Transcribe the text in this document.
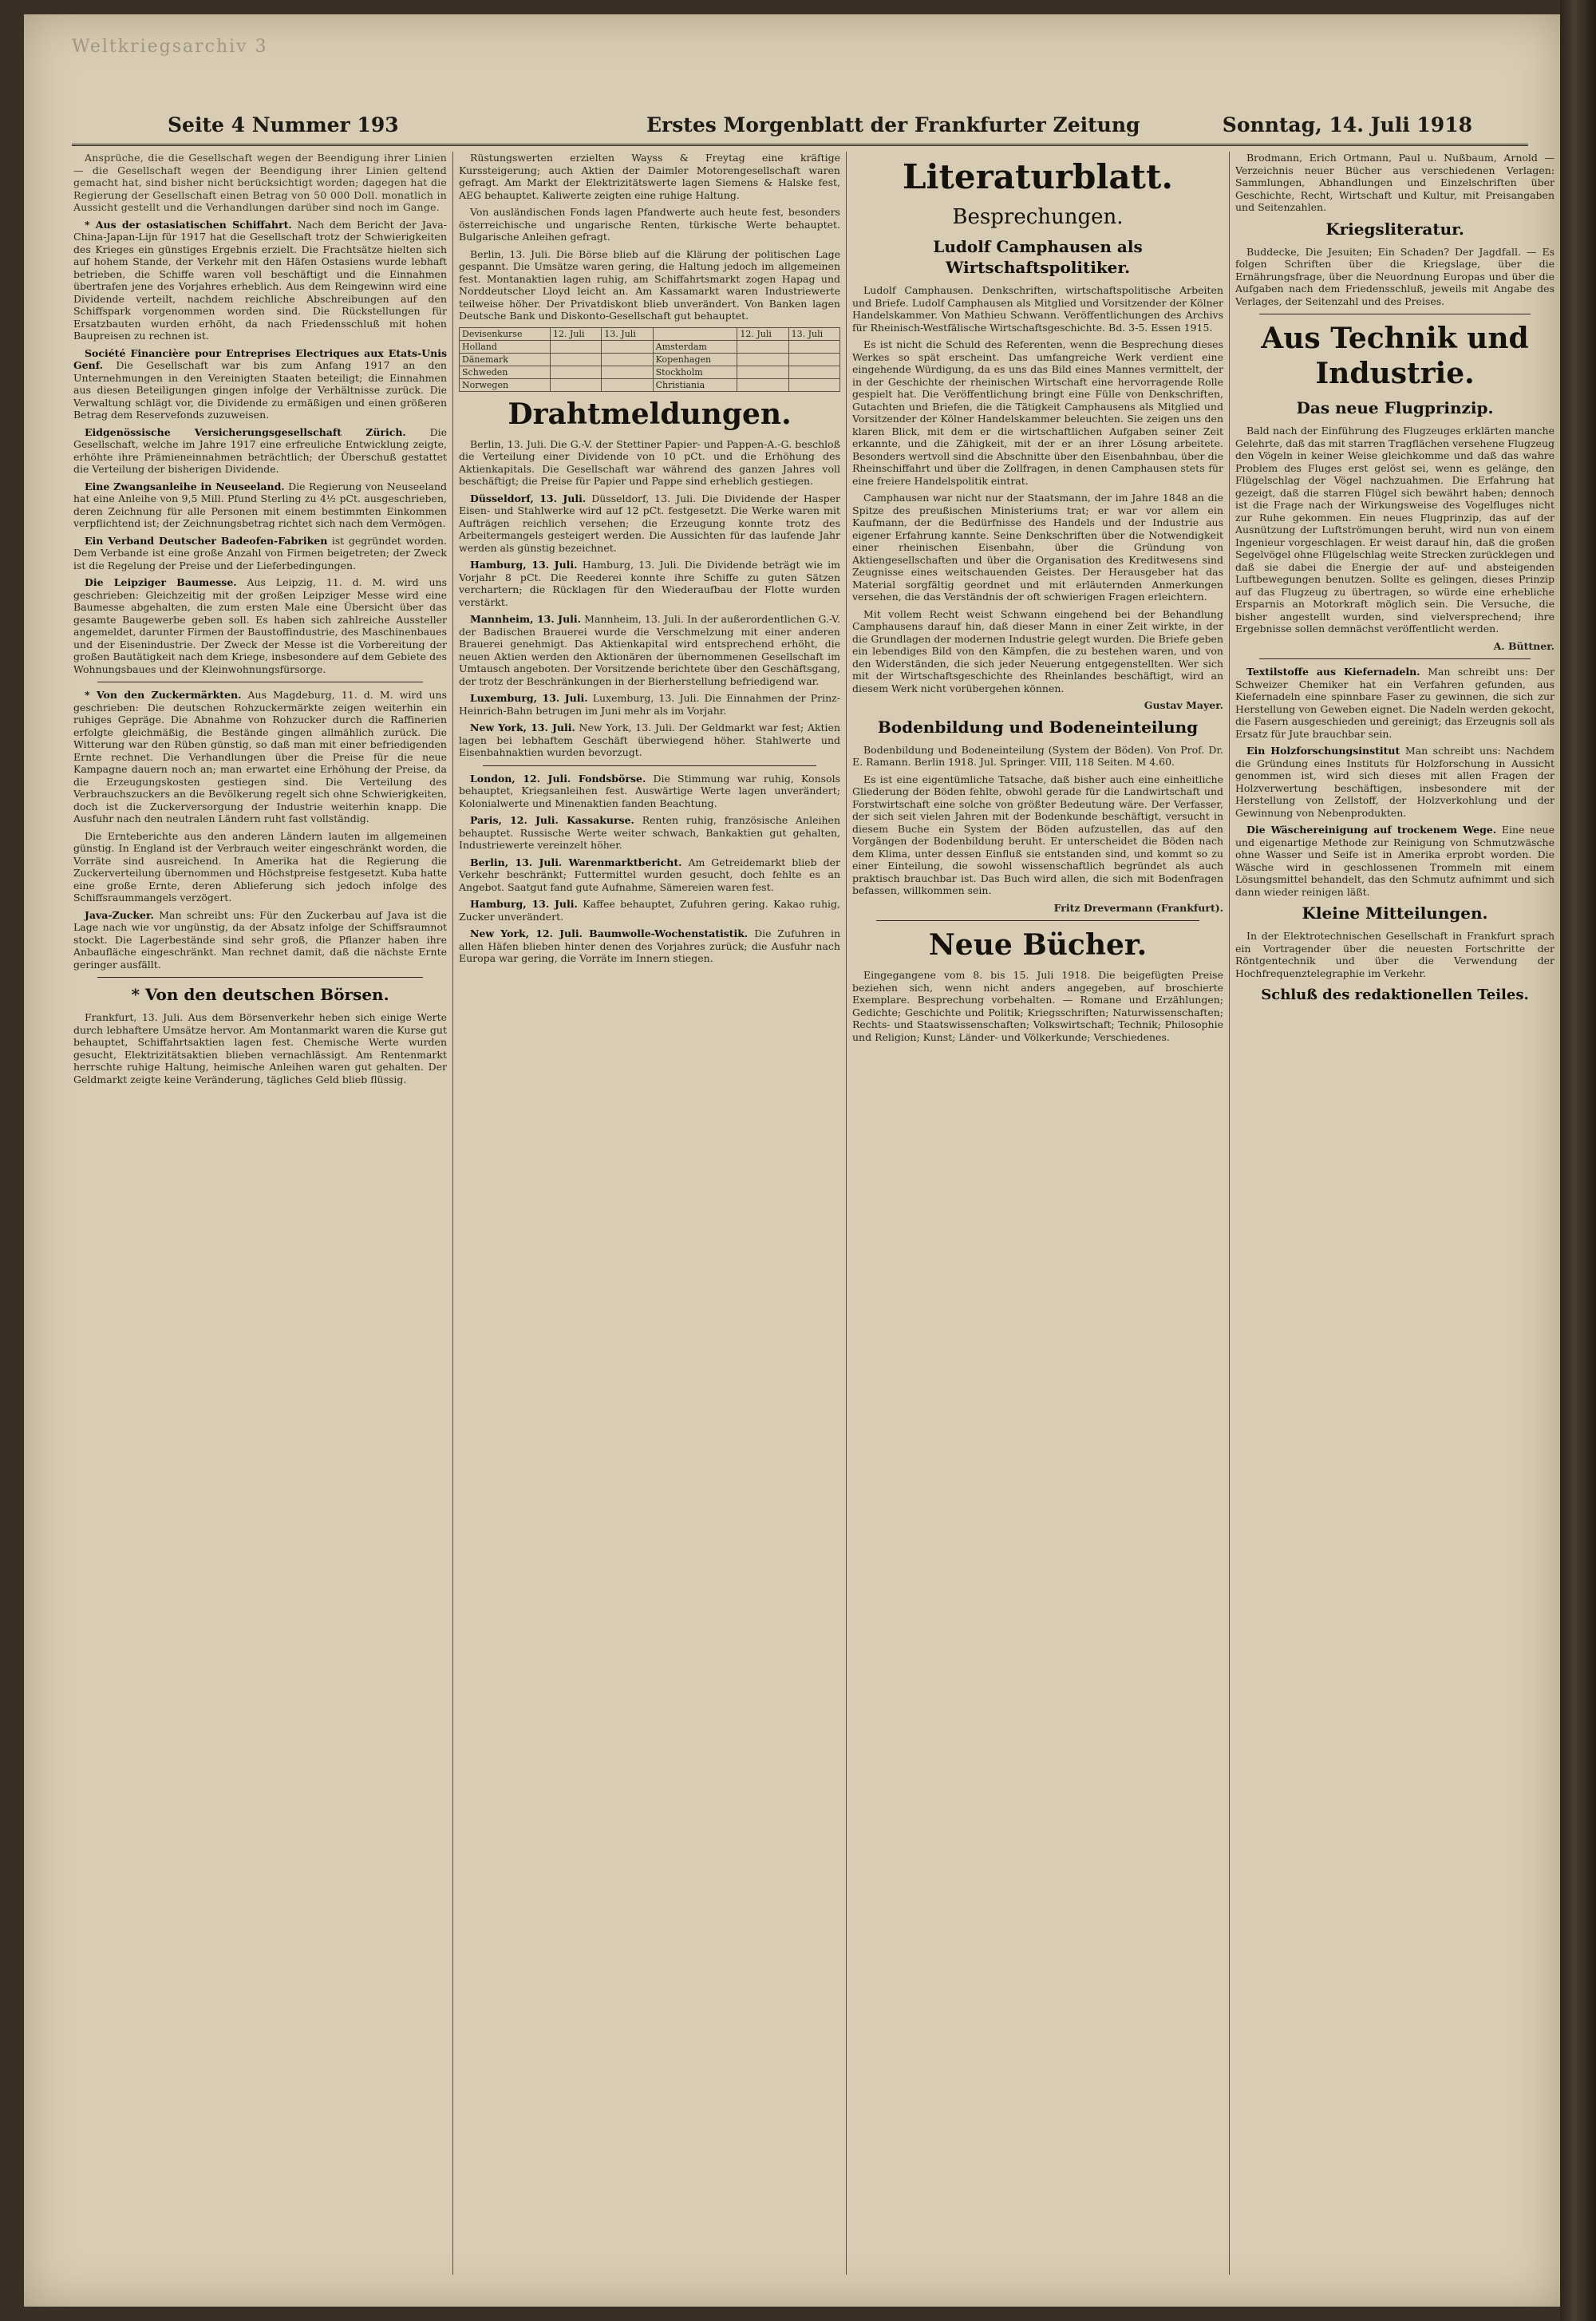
Weltkriegsarchiv 3
Seite 4 Nummer 193	Erstes Morgenblatt der Frankfurter Zeitung	Sonntag, 14. Juli 1918

Ansprüche, die die Gesellschaft wegen der Beendigung ihrer Linien — die Gesellschaft wegen der Beendigung ihrer Linien geltend gemacht hat, sind bisher nicht berücksichtigt worden; dagegen hat die Regierung der Gesellschaft einen Betrag von 50 000 Doll. monatlich in Aussicht gestellt und die Verhandlungen darüber sind noch im Gange.

* Aus der ostasiatischen Schiffahrt. Nach dem Bericht der Java-China-Japan-Lijn für 1917 hat die Gesellschaft trotz der Schwierigkeiten des Krieges ein günstiges Ergebnis erzielt. Die Frachtsätze hielten sich auf hohem Stande, der Verkehr mit den Häfen Ostasiens wurde lebhaft betrieben, die Schiffe waren voll beschäftigt und die Einnahmen übertrafen jene des Vorjahres erheblich. Aus dem Reingewinn wird eine Dividende verteilt, nachdem reichliche Abschreibungen auf den Schiffspark vorgenommen worden sind. Die Rückstellungen für Ersatzbauten wurden erhöht, da nach Friedensschluß mit hohen Baupreisen zu rechnen ist.

Société Financière pour Entreprises Electriques aux Etats-Unis Genf. Die Gesellschaft war bis zum Anfang 1917 an den Unternehmungen in den Vereinigten Staaten beteiligt; die Einnahmen aus diesen Beteiligungen gingen infolge der Verhältnisse zurück. Die Verwaltung schlägt vor, die Dividende zu ermäßigen und einen größeren Betrag dem Reservefonds zuzuweisen.

Eidgenössische Versicherungsgesellschaft Zürich. Die Gesellschaft, welche im Jahre 1917 eine erfreuliche Entwicklung zeigte, erhöhte ihre Prämieneinnahmen beträchtlich; der Überschuß gestattet die Verteilung der bisherigen Dividende.

Eine Zwangsanleihe in Neuseeland. Die Regierung von Neuseeland hat eine Anleihe von 9,5 Mill. Pfund Sterling zu 4½ pCt. ausgeschrieben, deren Zeichnung für alle Personen mit einem bestimmten Einkommen verpflichtend ist; der Zeichnungsbetrag richtet sich nach dem Vermögen.

Ein Verband Deutscher Badeofen-Fabriken ist gegründet worden. Dem Verbande ist eine große Anzahl von Firmen beigetreten; der Zweck ist die Regelung der Preise und der Lieferbedingungen.

Die Leipziger Baumesse. Aus Leipzig, 11. d. M. wird uns geschrieben: Gleichzeitig mit der großen Leipziger Messe wird eine Baumesse abgehalten, die zum ersten Male eine Übersicht über das gesamte Baugewerbe geben soll. Es haben sich zahlreiche Aussteller angemeldet, darunter Firmen der Baustoffindustrie, des Maschinenbaues und der Eisenindustrie. Der Zweck der Messe ist die Vorbereitung der großen Bautätigkeit nach dem Kriege, insbesondere auf dem Gebiete des Wohnungsbaues und der Kleinwohnungsfürsorge.

* Von den Zuckermärkten. Aus Magdeburg, 11. d. M. wird uns geschrieben: Die deutschen Rohzuckermärkte zeigen weiterhin ein ruhiges Gepräge. Die Abnahme von Rohzucker durch die Raffinerien erfolgte gleichmäßig, die Bestände gingen allmählich zurück. Die Witterung war den Rüben günstig, so daß man mit einer befriedigenden Ernte rechnet. Die Verhandlungen über die Preise für die neue Kampagne dauern noch an; man erwartet eine Erhöhung der Preise, da die Erzeugungskosten gestiegen sind. Die Verteilung des Verbrauchszuckers an die Bevölkerung regelt sich ohne Schwierigkeiten, doch ist die Zuckerversorgung der Industrie weiterhin knapp. Die Ausfuhr nach den neutralen Ländern ruht fast vollständig.

Die Ernteberichte aus den anderen Ländern lauten im allgemeinen günstig. In England ist der Verbrauch weiter eingeschränkt worden, die Vorräte sind ausreichend. In Amerika hat die Regierung die Zuckerverteilung übernommen und Höchstpreise festgesetzt. Kuba hatte eine große Ernte, deren Ablieferung sich jedoch infolge des Schiffsraummangels verzögert.

Java-Zucker. Man schreibt uns: Für den Zuckerbau auf Java ist die Lage nach wie vor ungünstig, da der Absatz infolge der Schiffsraumnot stockt. Die Lagerbestände sind sehr groß, die Pflanzer haben ihre Anbaufläche eingeschränkt. Man rechnet damit, daß die nächste Ernte geringer ausfällt.

* Von den deutschen Börsen.

Frankfurt, 13. Juli. Aus dem Börsenverkehr heben sich einige Werte durch lebhaftere Umsätze hervor. Am Montanmarkt waren die Kurse gut behauptet, Schiffahrtsaktien lagen fest. Chemische Werte wurden gesucht, Elektrizitätsaktien blieben vernachlässigt. Am Rentenmarkt herrschte ruhige Haltung, heimische Anleihen waren gut gehalten. Der Geldmarkt zeigte keine Veränderung, tägliches Geld blieb flüssig.

Rüstungswerten erzielten Wayss & Freytag eine kräftige Kurssteigerung; auch Aktien der Daimler Motorengesellschaft waren gefragt. Am Markt der Elektrizitätswerte lagen Siemens & Halske fest, AEG behauptet. Kaliwerte zeigten eine ruhige Haltung.

Von ausländischen Fonds lagen Pfandwerte auch heute fest, besonders österreichische und ungarische Renten, türkische Werte behauptet. Bulgarische Anleihen gefragt.

Berlin, 13. Juli. Die Börse blieb auf die Klärung der politischen Lage gespannt. Die Umsätze waren gering, die Haltung jedoch im allgemeinen fest. Montanaktien lagen ruhig, am Schiffahrtsmarkt zogen Hapag und Norddeutscher Lloyd leicht an. Am Kassamarkt waren Industriewerte teilweise höher. Der Privatdiskont blieb unverändert. Von Banken lagen Deutsche Bank und Diskonto-Gesellschaft gut behauptet.

Devisenkurse	12. Juli	13. Juli		12. Juli	13. Juli
Holland			Amsterdam		
Dänemark			Kopenhagen		
Schweden			Stockholm		
Norwegen			Christiania		
Drahtmeldungen.

Berlin, 13. Juli. Die G.-V. der Stettiner Papier- und Pappen-A.-G. beschloß die Verteilung einer Dividende von 10 pCt. und die Erhöhung des Aktienkapitals. Die Gesellschaft war während des ganzen Jahres voll beschäftigt; die Preise für Papier und Pappe sind erheblich gestiegen.

Düsseldorf, 13. Juli. Düsseldorf, 13. Juli. Die Dividende der Hasper Eisen- und Stahlwerke wird auf 12 pCt. festgesetzt. Die Werke waren mit Aufträgen reichlich versehen; die Erzeugung konnte trotz des Arbeitermangels gesteigert werden. Die Aussichten für das laufende Jahr werden als günstig bezeichnet.

Hamburg, 13. Juli. Hamburg, 13. Juli. Die Dividende beträgt wie im Vorjahr 8 pCt. Die Reederei konnte ihre Schiffe zu guten Sätzen verchartern; die Rücklagen für den Wiederaufbau der Flotte wurden verstärkt.

Mannheim, 13. Juli. Mannheim, 13. Juli. In der außerordentlichen G.-V. der Badischen Brauerei wurde die Verschmelzung mit einer anderen Brauerei genehmigt. Das Aktienkapital wird entsprechend erhöht, die neuen Aktien werden den Aktionären der übernommenen Gesellschaft im Umtausch angeboten. Der Vorsitzende berichtete über den Geschäftsgang, der trotz der Beschränkungen in der Bierherstellung befriedigend war.

Luxemburg, 13. Juli. Luxemburg, 13. Juli. Die Einnahmen der Prinz-Heinrich-Bahn betrugen im Juni mehr als im Vorjahr.

New York, 13. Juli. New York, 13. Juli. Der Geldmarkt war fest; Aktien lagen bei lebhaftem Geschäft überwiegend höher. Stahlwerte und Eisenbahnaktien wurden bevorzugt.

London, 12. Juli. Fondsbörse. Die Stimmung war ruhig, Konsols behauptet, Kriegsanleihen fest. Auswärtige Werte lagen unverändert; Kolonialwerte und Minenaktien fanden Beachtung.

Paris, 12. Juli. Kassakurse. Renten ruhig, französische Anleihen behauptet. Russische Werte weiter schwach, Bankaktien gut gehalten, Industriewerte vereinzelt höher.

Berlin, 13. Juli. Warenmarktbericht. Am Getreidemarkt blieb der Verkehr beschränkt; Futtermittel wurden gesucht, doch fehlte es an Angebot. Saatgut fand gute Aufnahme, Sämereien waren fest.

Hamburg, 13. Juli. Kaffee behauptet, Zufuhren gering. Kakao ruhig, Zucker unverändert.

New York, 12. Juli. Baumwolle-Wochenstatistik. Die Zufuhren in allen Häfen blieben hinter denen des Vorjahres zurück; die Ausfuhr nach Europa war gering, die Vorräte im Innern stiegen.

Literaturblatt.
Besprechungen.
Ludolf Camphausen als Wirtschaftspolitiker.

Ludolf Camphausen. Denkschriften, wirtschaftspolitische Arbeiten und Briefe. Ludolf Camphausen als Mitglied und Vorsitzender der Kölner Handelskammer. Von Mathieu Schwann. Veröffentlichungen des Archivs für Rheinisch-Westfälische Wirtschaftsgeschichte. Bd. 3-5. Essen 1915.

Es ist nicht die Schuld des Referenten, wenn die Besprechung dieses Werkes so spät erscheint. Das umfangreiche Werk verdient eine eingehende Würdigung, da es uns das Bild eines Mannes vermittelt, der in der Geschichte der rheinischen Wirtschaft eine hervorragende Rolle gespielt hat. Die Veröffentlichung bringt eine Fülle von Denkschriften, Gutachten und Briefen, die die Tätigkeit Camphausens als Mitglied und Vorsitzender der Kölner Handelskammer beleuchten. Sie zeigen uns den klaren Blick, mit dem er die wirtschaftlichen Aufgaben seiner Zeit erkannte, und die Zähigkeit, mit der er an ihrer Lösung arbeitete. Besonders wertvoll sind die Abschnitte über den Eisenbahnbau, über die Rheinschiffahrt und über die Zollfragen, in denen Camphausen stets für eine freiere Handelspolitik eintrat.

Camphausen war nicht nur der Staatsmann, der im Jahre 1848 an die Spitze des preußischen Ministeriums trat; er war vor allem ein Kaufmann, der die Bedürfnisse des Handels und der Industrie aus eigener Erfahrung kannte. Seine Denkschriften über die Notwendigkeit einer rheinischen Eisenbahn, über die Gründung von Aktiengesellschaften und über die Organisation des Kreditwesens sind Zeugnisse eines weitschauenden Geistes. Der Herausgeber hat das Material sorgfältig geordnet und mit erläuternden Anmerkungen versehen, die das Verständnis der oft schwierigen Fragen erleichtern.

Mit vollem Recht weist Schwann eingehend bei der Behandlung Camphausens darauf hin, daß dieser Mann in einer Zeit wirkte, in der die Grundlagen der modernen Industrie gelegt wurden. Die Briefe geben ein lebendiges Bild von den Kämpfen, die zu bestehen waren, und von den Widerständen, die sich jeder Neuerung entgegenstellten. Wer sich mit der Wirtschaftsgeschichte des Rheinlandes beschäftigt, wird an diesem Werk nicht vorübergehen können.

Gustav Mayer.

Bodenbildung und Bodeneinteilung

Bodenbildung und Bodeneinteilung (System der Böden). Von Prof. Dr. E. Ramann. Berlin 1918. Jul. Springer. VIII, 118 Seiten. M 4.60.

Es ist eine eigentümliche Tatsache, daß bisher auch eine einheitliche Gliederung der Böden fehlte, obwohl gerade für die Landwirtschaft und Forstwirtschaft eine solche von größter Bedeutung wäre. Der Verfasser, der sich seit vielen Jahren mit der Bodenkunde beschäftigt, versucht in diesem Buche ein System der Böden aufzustellen, das auf den Vorgängen der Bodenbildung beruht. Er unterscheidet die Böden nach dem Klima, unter dessen Einfluß sie entstanden sind, und kommt so zu einer Einteilung, die sowohl wissenschaftlich begründet als auch praktisch brauchbar ist. Das Buch wird allen, die sich mit Bodenfragen befassen, willkommen sein.

Fritz Drevermann (Frankfurt).

Neue Bücher.

Eingegangene vom 8. bis 15. Juli 1918. Die beigefügten Preise beziehen sich, wenn nicht anders angegeben, auf broschierte Exemplare. Besprechung vorbehalten. — Romane und Erzählungen; Gedichte; Geschichte und Politik; Kriegsschriften; Naturwissenschaften; Rechts- und Staatswissenschaften; Volkswirtschaft; Technik; Philosophie und Religion; Kunst; Länder- und Völkerkunde; Verschiedenes.

Brodmann, Erich Ortmann, Paul u. Nußbaum, Arnold — Verzeichnis neuer Bücher aus verschiedenen Verlagen: Sammlungen, Abhandlungen und Einzelschriften über Geschichte, Recht, Wirtschaft und Kultur, mit Preisangaben und Seitenzahlen.

Kriegsliteratur.

Buddecke, Die Jesuiten; Ein Schaden? Der Jagdfall. — Es folgen Schriften über die Kriegslage, über die Ernährungsfrage, über die Neuordnung Europas und über die Aufgaben nach dem Friedensschluß, jeweils mit Angabe des Verlages, der Seitenzahl und des Preises.

Aus Technik und Industrie.
Das neue Flugprinzip.

Bald nach der Einführung des Flugzeuges erklärten manche Gelehrte, daß das mit starren Tragflächen versehene Flugzeug den Vögeln in keiner Weise gleichkomme und daß das wahre Problem des Fluges erst gelöst sei, wenn es gelänge, den Flügelschlag der Vögel nachzuahmen. Die Erfahrung hat gezeigt, daß die starren Flügel sich bewährt haben; dennoch ist die Frage nach der Wirkungsweise des Vogelfluges nicht zur Ruhe gekommen. Ein neues Flugprinzip, das auf der Ausnützung der Luftströmungen beruht, wird nun von einem Ingenieur vorgeschlagen. Er weist darauf hin, daß die großen Segelvögel ohne Flügelschlag weite Strecken zurücklegen und daß sie dabei die Energie der auf- und absteigenden Luftbewegungen benutzen. Sollte es gelingen, dieses Prinzip auf das Flugzeug zu übertragen, so würde eine erhebliche Ersparnis an Motorkraft möglich sein. Die Versuche, die bisher angestellt wurden, sind vielversprechend; ihre Ergebnisse sollen demnächst veröffentlicht werden.

A. Büttner.

Textilstoffe aus Kiefernadeln. Man schreibt uns: Der Schweizer Chemiker hat ein Verfahren gefunden, aus Kiefernadeln eine spinnbare Faser zu gewinnen, die sich zur Herstellung von Geweben eignet. Die Nadeln werden gekocht, die Fasern ausgeschieden und gereinigt; das Erzeugnis soll als Ersatz für Jute brauchbar sein.

Ein Holzforschungsinstitut Man schreibt uns: Nachdem die Gründung eines Instituts für Holzforschung in Aussicht genommen ist, wird sich dieses mit allen Fragen der Holzverwertung beschäftigen, insbesondere mit der Herstellung von Zellstoff, der Holzverkohlung und der Gewinnung von Nebenprodukten.

Die Wäschereinigung auf trockenem Wege. Eine neue und eigenartige Methode zur Reinigung von Schmutzwäsche ohne Wasser und Seife ist in Amerika erprobt worden. Die Wäsche wird in geschlossenen Trommeln mit einem Lösungsmittel behandelt, das den Schmutz aufnimmt und sich dann wieder reinigen läßt.

Kleine Mitteilungen.

In der Elektrotechnischen Gesellschaft in Frankfurt sprach ein Vortragender über die neuesten Fortschritte der Röntgentechnik und über die Verwendung der Hochfrequenztelegraphie im Verkehr.

Schluß des redaktionellen Teiles.
